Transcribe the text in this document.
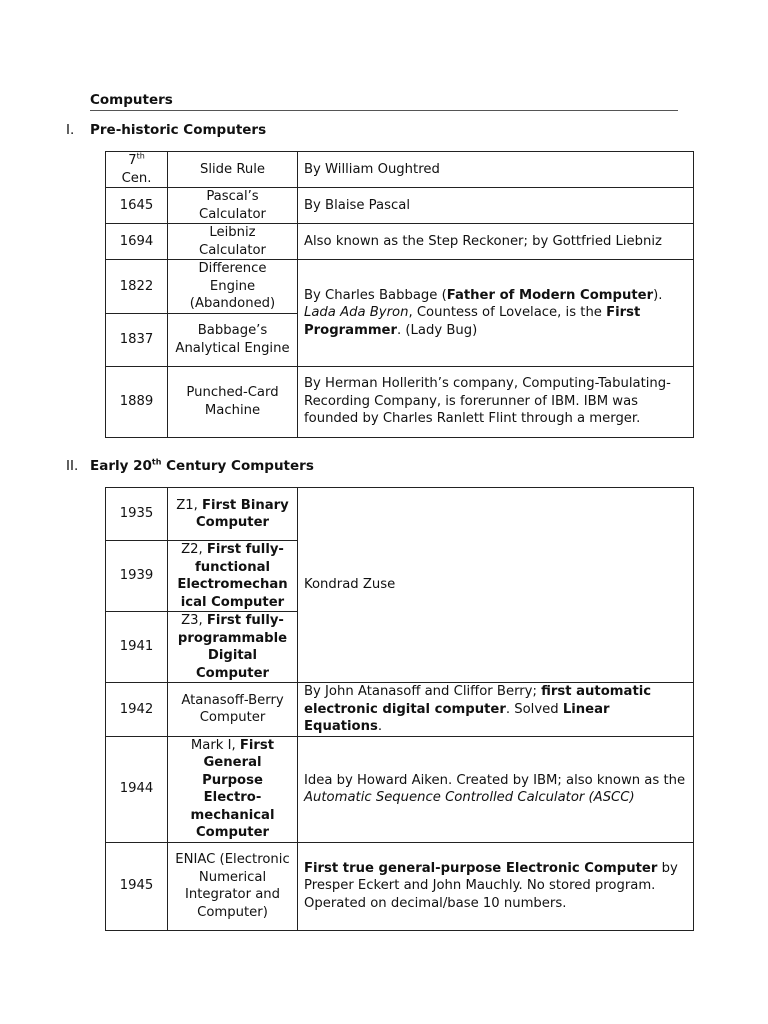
Computers
I. Pre-historic Computers
7th Cen.	Slide Rule	By William Oughtred
1645	Pascal’s Calculator	By Blaise Pascal
1694	Leibniz Calculator	Also known as the Step Reckoner; by Gottfried Liebniz
1822	Difference Engine (Abandoned)	By Charles Babbage (Father of Modern Computer). Lada Ada Byron, Countess of Lovelace, is the First Programmer. (Lady Bug)
1837	Babbage’s Analytical Engine	
1889	Punched-Card Machine	By Herman Hollerith’s company, Computing-Tabulating-Recording Company, is forerunner of IBM. IBM was founded by Charles Ranlett Flint through a merger.
II. Early 20th Century Computers
1935	Z1, First Binary Computer	Kondrad Zuse
1939	Z2, First fully-functional Electromechan ical Computer	
1941	Z3, First fully-programmable Digital Computer	
1942	Atanasoff-Berry Computer	By John Atanasoff and Cliffor Berry; first automatic electronic digital computer. Solved Linear Equations.
1944	Mark I, First General Purpose Electro-mechanical Computer	Idea by Howard Aiken. Created by IBM; also known as the Automatic Sequence Controlled Calculator (ASCC)
1945	ENIAC (Electronic Numerical Integrator and Computer)	First true general-purpose Electronic Computer by Presper Eckert and John Mauchly. No stored program. Operated on decimal/base 10 numbers.
